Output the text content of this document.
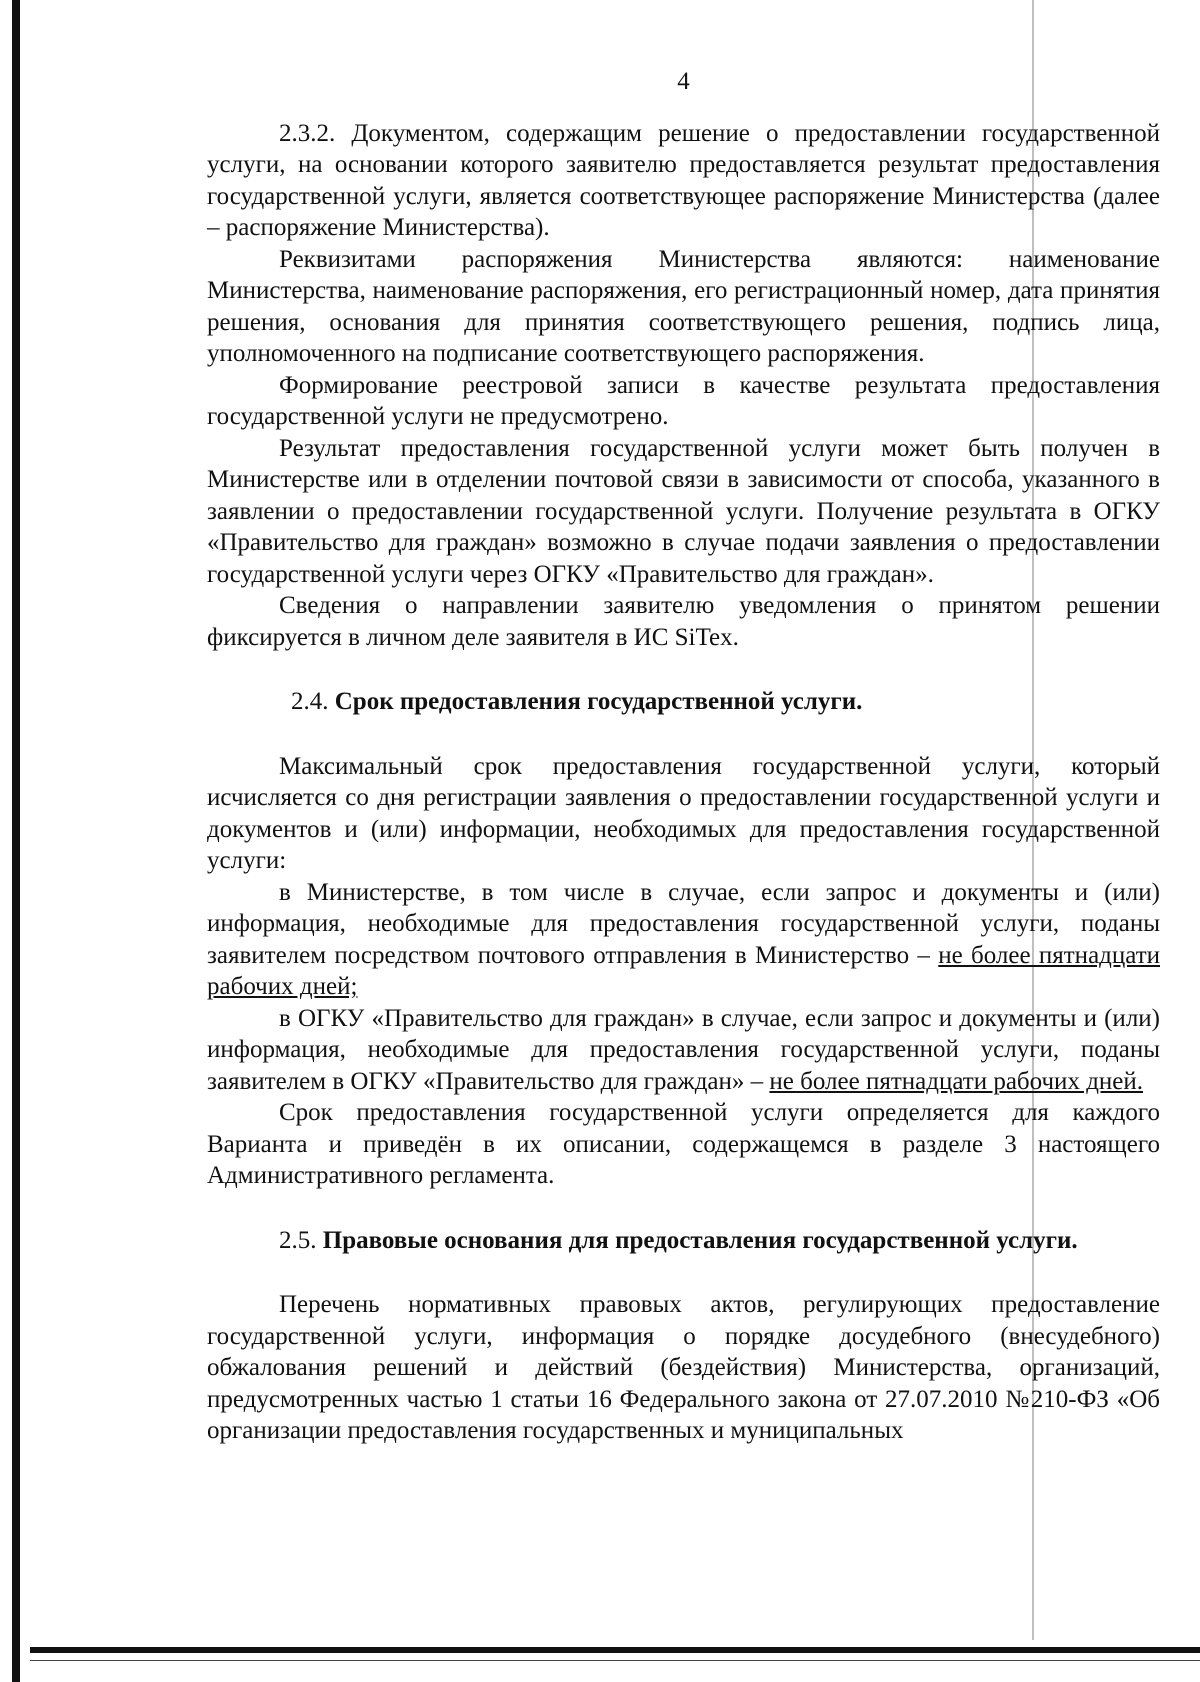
4

2.3.2. Документом, содержащим решение о предоставлении государственной услуги, на основании которого заявителю предоставляется результат предоставления государственной услуги, является соответствующее распоряжение Министерства (далее – распоряжение Министерства).

Реквизитами распоряжения Министерства являются: наименование Министерства, наименование распоряжения, его регистрационный номер, дата принятия решения, основания для принятия соответствующего решения, подпись лица, уполномоченного на подписание соответствующего распоряжения.

Формирование реестровой записи в качестве результата предоставления государственной услуги не предусмотрено.

Результат предоставления государственной услуги может быть получен в Министерстве или в отделении почтовой связи в зависимости от способа, указанного в заявлении о предоставлении государственной услуги. Получение результата в ОГКУ «Правительство для граждан» возможно в случае подачи заявления о предоставлении государственной услуги через ОГКУ «Правительство для граждан».

Сведения о направлении заявителю уведомления о принятом решении фиксируется в личном деле заявителя в ИС SiTex.

2.4. Срок предоставления государственной услуги.

Максимальный срок предоставления государственной услуги, который исчисляется со дня регистрации заявления о предоставлении государственной услуги и документов и (или) информации, необходимых для предоставления государственной услуги:

в Министерстве, в том числе в случае, если запрос и документы и (или) информация, необходимые для предоставления государственной услуги, поданы заявителем посредством почтового отправления в Министерство – не более пятнадцати рабочих дней;

в ОГКУ «Правительство для граждан» в случае, если запрос и документы и (или) информация, необходимые для предоставления государственной услуги, поданы заявителем в ОГКУ «Правительство для граждан» – не более пятнадцати рабочих дней.

Срок предоставления государственной услуги определяется для каждого Варианта и приведён в их описании, содержащемся в разделе 3 настоящего Административного регламента.

2.5. Правовые основания для предоставления государственной услуги.

Перечень нормативных правовых актов, регулирующих предоставление государственной услуги, информация о порядке досудебного (внесудебного) обжалования решений и действий (бездействия) Министерства, организаций, предусмотренных частью 1 статьи 16 Федерального закона от 27.07.2010 №210-ФЗ «Об организации предоставления государственных и муниципальных
